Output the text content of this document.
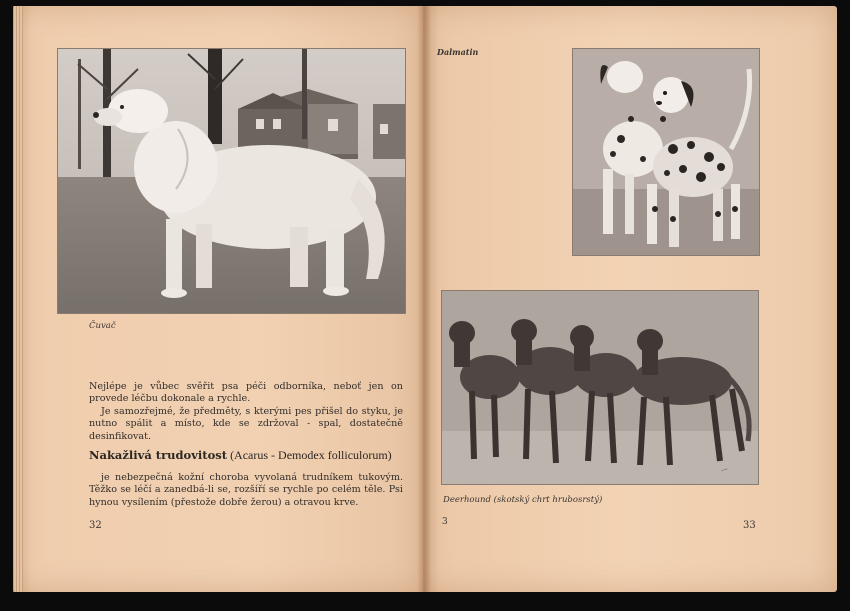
Čuvač

Nejlépe je vůbec svěřit psa péči odborníka, neboť jen on provede léčbu dokonale a rychle.

Je samozřejmé, že předměty, s kterými pes přišel do styku, je nutno spálit a místo, kde se zdržoval - spal, dostatečně desinfikovat.

Nakažlivá trudovitost (Acarus - Demodex folliculorum)

je nebezpečná kožní choroba vyvolaná trudníkem tukovým. Těžko se léčí a zanedbá-li se, rozšíří se rychle po celém těle. Psi hynou vysílením (přestože dobře žerou) a otravou krve.

32
Dalmatin
⁓
Deerhound (skotský chrt hrubosrstý)
3	33
